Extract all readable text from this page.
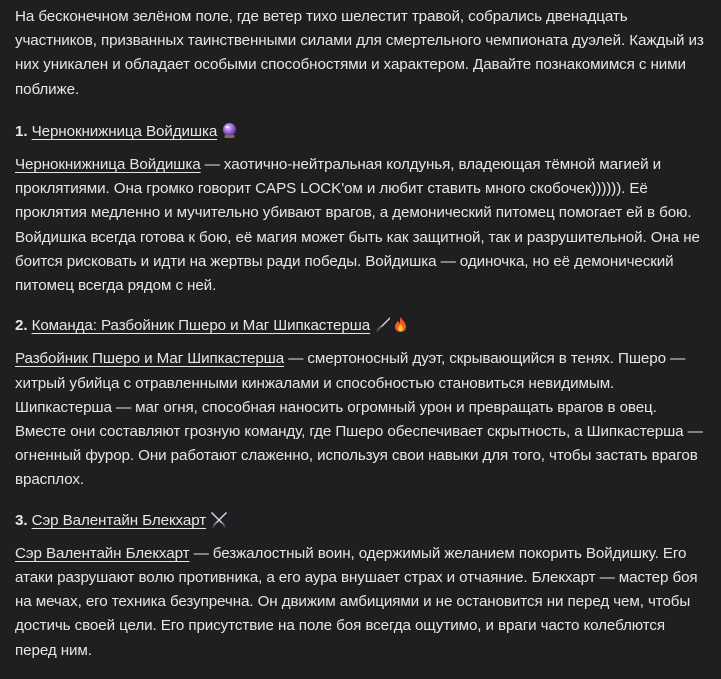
На бесконечном зелёном поле, где ветер тихо шелестит травой, собрались двенадцать участников, призванных таинственными силами для смертельного чемпионата дуэлей. Каждый из них уникален и обладает особыми способностями и характером. Давайте познакомимся с ними поближе.

1. Чернокнижница Войдишка

Чернокнижница Войдишка — хаотично-нейтральная колдунья, владеющая тёмной магией и проклятиями. Она громко говорит CAPS LOCK'ом и любит ставить много скобочек)))))). Её проклятия медленно и мучительно убивают врагов, а демонический питомец помогает ей в бою. Войдишка всегда готова к бою, её магия может быть как защитной, так и разрушительной. Она не боится рисковать и идти на жертвы ради победы. Войдишка — одиночка, но её демонический питомец всегда рядом с ней.

2. Команда: Разбойник Пшеро и Маг Шипкастерша

Разбойник Пшеро и Маг Шипкастерша — смертоносный дуэт, скрывающийся в тенях. Пшеро — хитрый убийца с отравленными кинжалами и способностью становиться невидимым. Шипкастерша — маг огня, способная наносить огромный урон и превращать врагов в овец. Вместе они составляют грозную команду, где Пшеро обеспечивает скрытность, а Шипкастерша — огненный фурор. Они работают слаженно, используя свои навыки для того, чтобы застать врагов врасплох.

3. Сэр Валентайн Блекхарт

Сэр Валентайн Блекхарт — безжалостный воин, одержимый желанием покорить Войдишку. Его атаки разрушают волю противника, а его аура внушает страх и отчаяние. Блекхарт — мастер боя на мечах, его техника безупречна. Он движим амбициями и не остановится ни перед чем, чтобы достичь своей цели. Его присутствие на поле боя всегда ощутимо, и враги часто колеблются перед ним.
